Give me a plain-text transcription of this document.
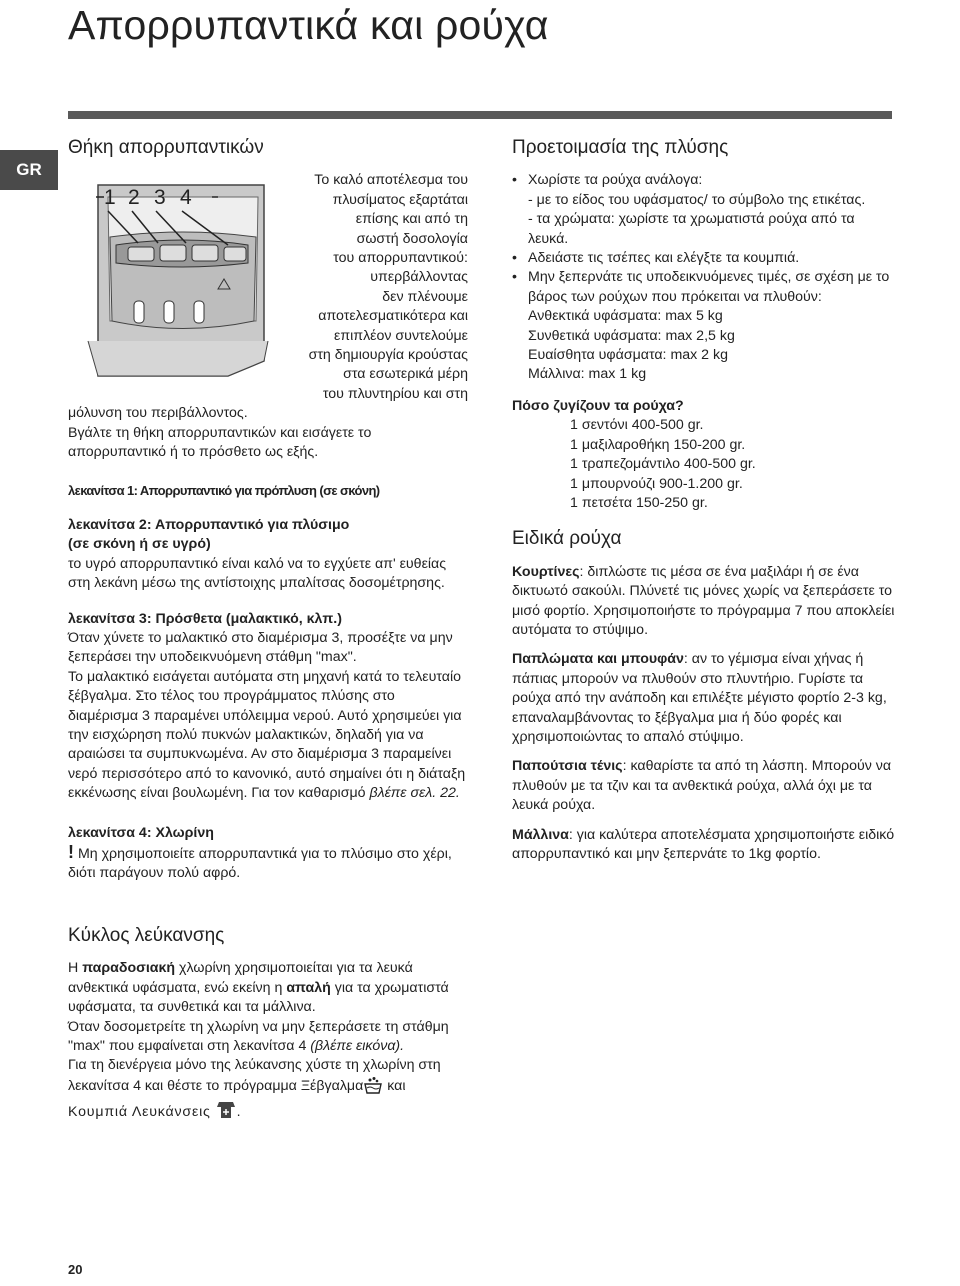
Απορρυπαντικά και ρούχα
GR
Θήκη απορρυπαντικών
1 2 3 4
Το καλό αποτέλεσμα του
πλυσίματος εξαρτάται
επίσης και από τη
σωστή δοσολογία
του απορρυπαντικού:
υπερβάλλοντας
δεν πλένουμε
αποτελεσματικότερα και
επιπλέον συντελούμε
στη δημιουργία κρούστας
στα εσωτερικά μέρη
του πλυντηρίου και στη

μόλυνση του περιβάλλοντος.

Βγάλτε τη θήκη απορρυπαντικών και εισάγετε το απορρυπαντικό ή το πρόσθετο ως εξής.

λεκανίτσα 1: Απορρυπαντικό για πρόπλυση (σε σκόνη)

λεκανίτσα 2: Απορρυπαντικό για πλύσιμο

(σε σκόνη ή σε υγρό)

το υγρό απορρυπαντικό είναι καλό να το εγχύετε απ' ευθείας στη λεκάνη μέσω της αντίστοιχης μπαλίτσας δοσομέτρησης.

λεκανίτσα 3: Πρόσθετα (μαλακτικό, κλπ.)

Όταν χύνετε το μαλακτικό στο διαμέρισμα 3, προσέξτε να μην ξεπεράσει την υποδεικνυόμενη στάθμη "max".

Το μαλακτικό εισάγεται αυτόματα στη μηχανή κατά το τελευταίο ξέβγαλμα. Στο τέλος του προγράμματος πλύσης στο διαμέρισμα 3 παραμένει υπόλειμμα νερού. Αυτό χρησιμεύει για την εισχώρηση πολύ πυκνών μαλακτικών, δηλαδή για να αραιώσει τα συμπυκνωμένα. Αν στο διαμέρισμα 3 παραμείνει νερό περισσότερο από το κανονικό, αυτό σημαίνει ότι η διάταξη εκκένωσης είναι βουλωμένη. Για τον καθαρισμό βλέπε σελ. 22.

λεκανίτσα 4: Χλωρίνη

! Μη χρησιμοποιείτε απορρυπαντικά για το πλύσιμο στο χέρι, διότι παράγουν πολύ αφρό.

Κύκλος λεύκανσης

Η παραδοσιακή χλωρίνη χρησιμοποιείται για τα λευκά ανθεκτικά υφάσματα, ενώ εκείνη η απαλή για τα χρωματιστά υφάσματα, τα συνθετικά και τα μάλλινα.

Όταν δοσομετρείτε τη χλωρίνη να μην ξεπεράσετε τη στάθμη "max" που εμφαίνεται στη λεκανίτσα 4 (βλέπε εικόνα).

Για τη διενέργεια μόνο της λεύκανσης χύστε τη χλωρίνη στη λεκανίτσα 4 και θέστε το πρόγραμμα Ξέβγαλμα και

Κουμπιά Λευκάνσεις .

Προετοιμασία της πλύσης
• Χωρίστε τα ρούχα ανάλογα:
- με το είδος του υφάσματος/ το σύμβολο της ετικέτας.
- τα χρώματα: χωρίστε τα χρωματιστά ρούχα από τα λευκά.
• Αδειάστε τις τσέπες και ελέγξτε τα κουμπιά.
• Μην ξεπερνάτε τις υποδεικνυόμενες τιμές, σε σχέση με το βάρος των ρούχων που πρόκειται να πλυθούν:
Ανθεκτικά υφάσματα: max 5 kg
Συνθετικά υφάσματα: max 2,5 kg
Ευαίσθητα υφάσματα: max 2 kg
Μάλλινα: max 1 kg

Πόσο ζυγίζουν τα ρούχα?

1 σεντόνι 400-500 gr.
1 μαξιλαροθήκη 150-200 gr.
1 τραπεζομάντιλο 400-500 gr.
1 μπουρνούζι 900-1.200 gr.
1 πετσέτα 150-250 gr.
Ειδικά ρούχα

Κουρτίνες: διπλώστε τις μέσα σε ένα μαξιλάρι ή σε ένα δικτυωτό σακούλι. Πλύνετέ τις μόνες χωρίς να ξεπεράσετε το μισό φορτίο. Χρησιμοποιήστε το πρόγραμμα 7 που αποκλείει αυτόματα το στύψιμο.

Παπλώματα και μπουφάν: αν το γέμισμα είναι χήνας ή πάπιας μπορούν να πλυθούν στο πλυντήριο. Γυρίστε τα ρούχα από την ανάποδη και επιλέξτε μέγιστο φορτίο 2-3 kg, επαναλαμβάνοντας το ξέβγαλμα μια ή δύο φορές και χρησιμοποιώντας το απαλό στύψιμο.

Παπούτσια τένις: καθαρίστε τα από τη λάσπη. Μπορούν να πλυθούν με τα τζιν και τα ανθεκτικά ρούχα, αλλά όχι με τα λευκά ρούχα.

Μάλλινα: για καλύτερα αποτελέσματα χρησιμοποιήστε ειδικό απορρυπαντικό και μην ξεπερνάτε το 1kg φορτίο.

20
